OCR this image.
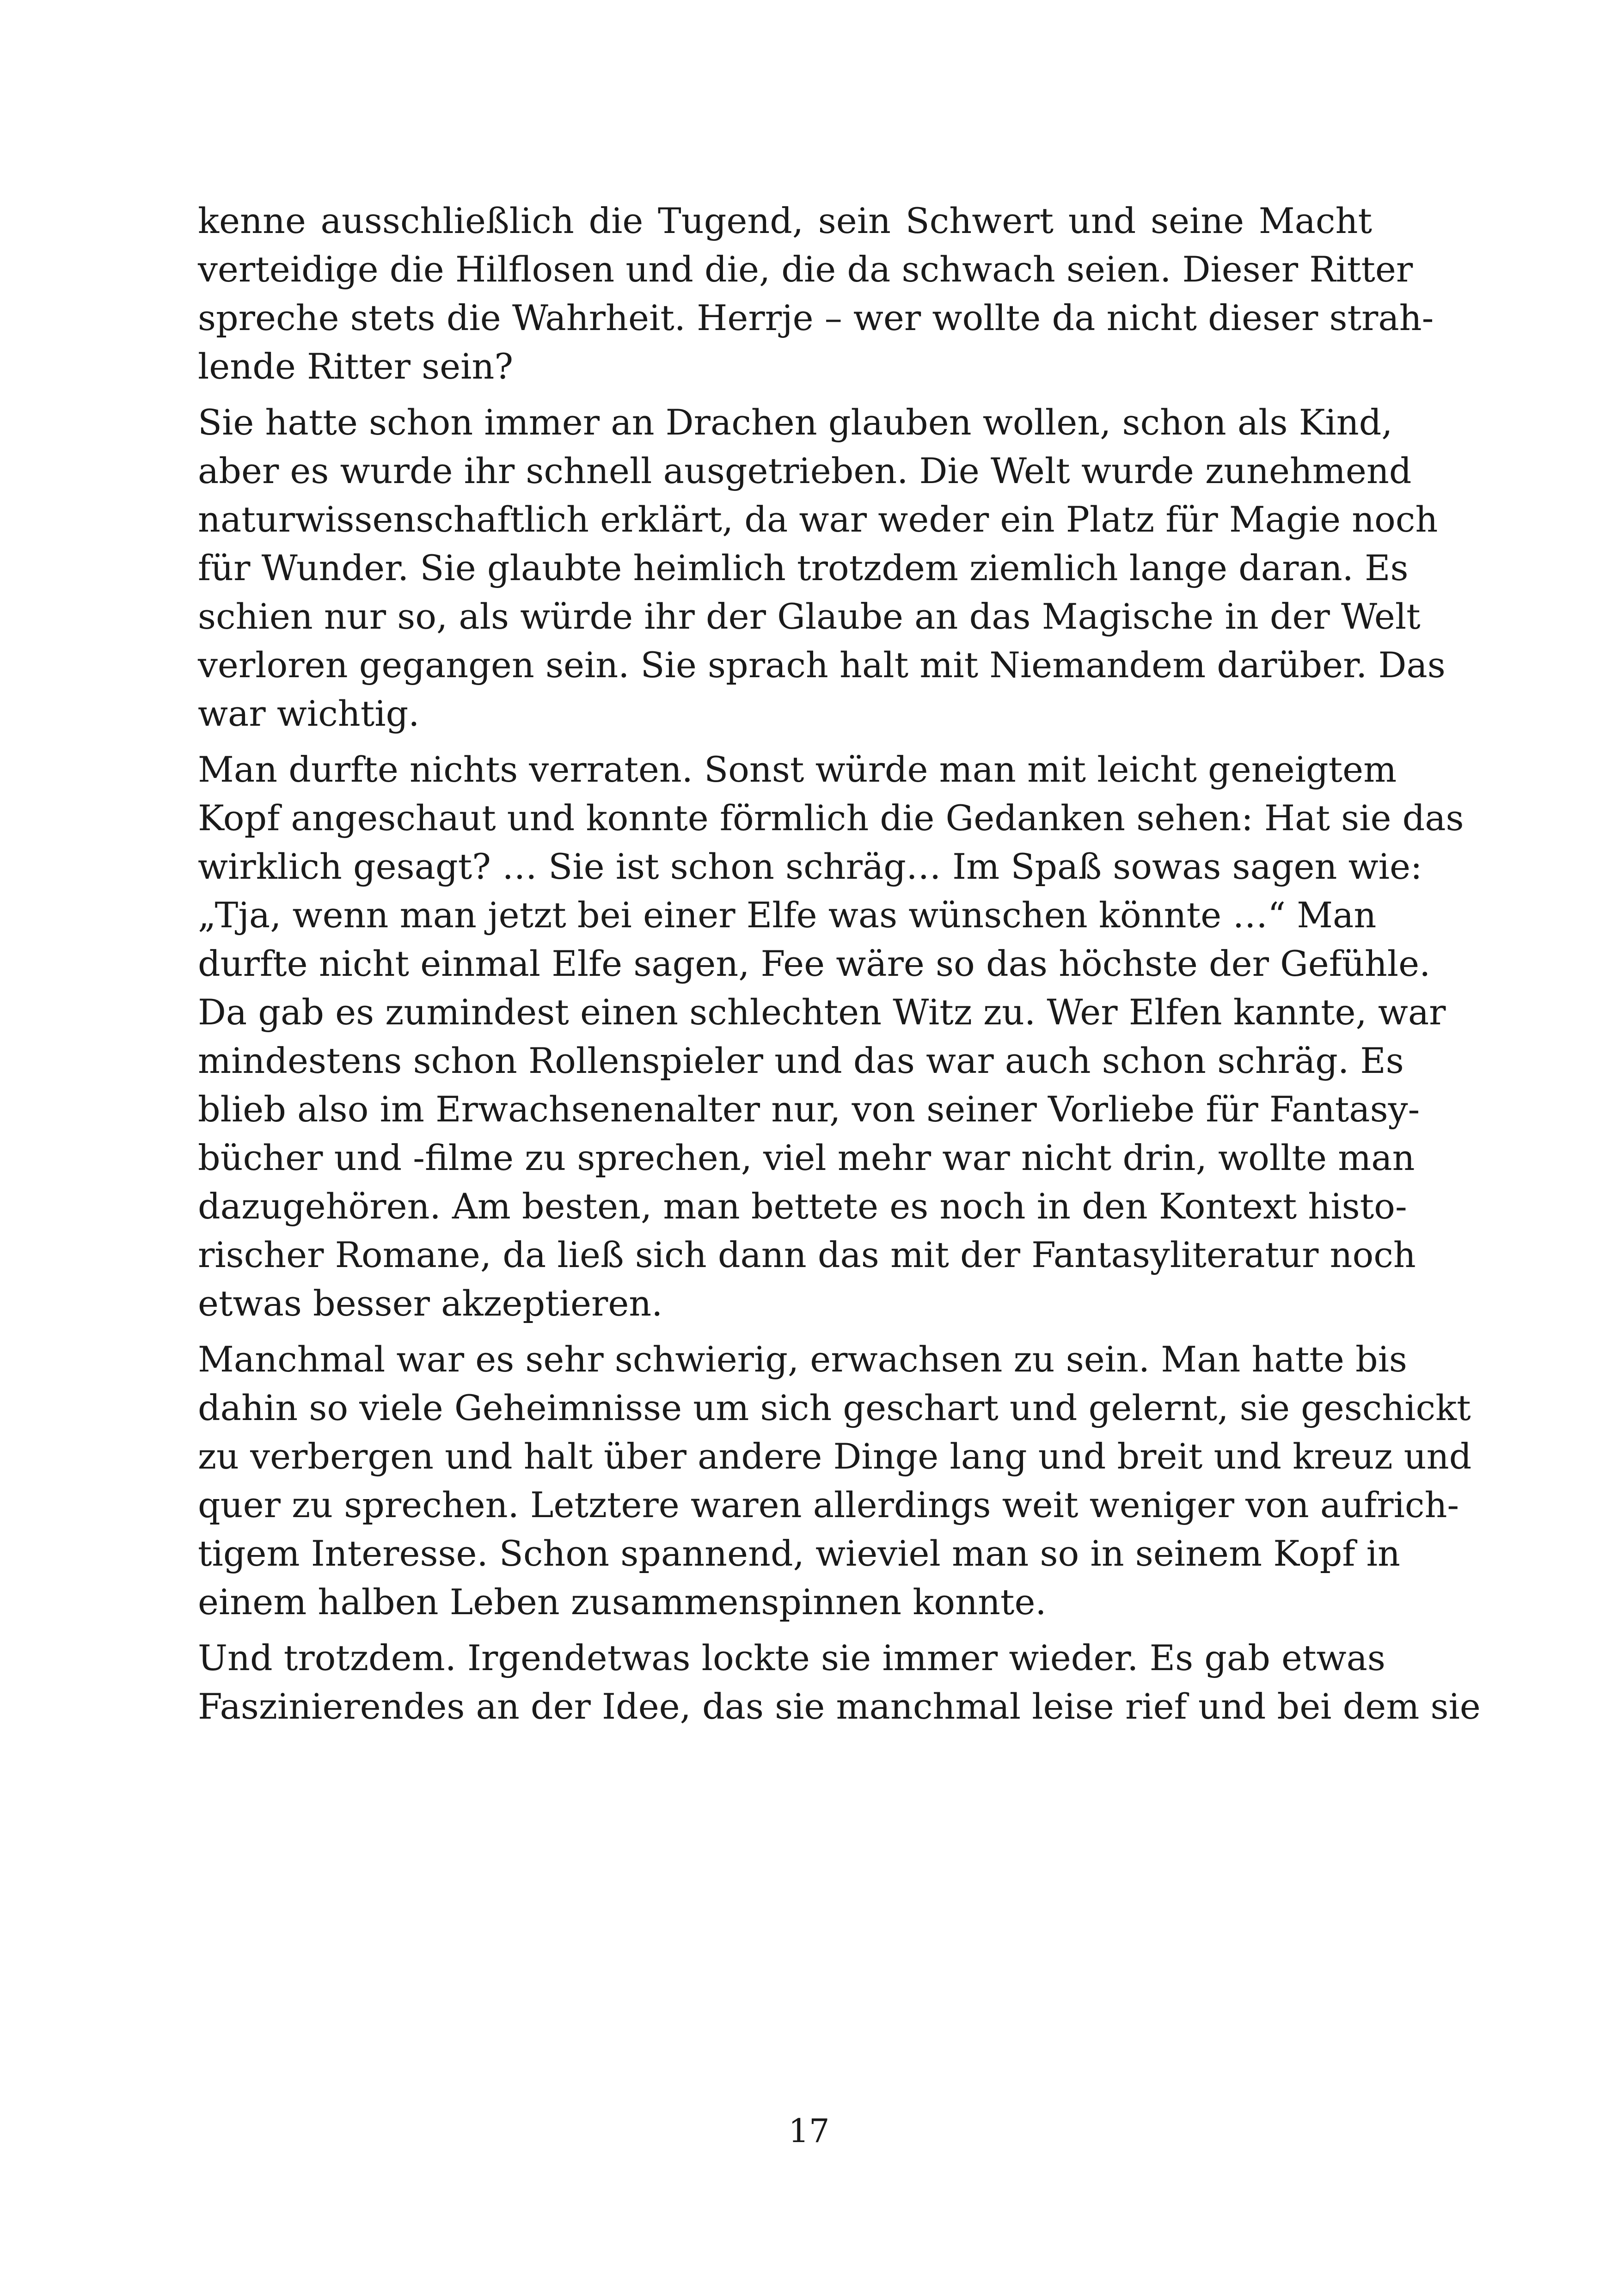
kenne ausschließlich die Tugend, sein Schwert und seine Macht
verteidige die Hilflosen und die, die da schwach seien. Dieser Ritter
spreche stets die Wahrheit. Herrje – wer wollte da nicht dieser strah-
lende Ritter sein?
Sie hatte schon immer an Drachen glauben wollen, schon als Kind,
aber es wurde ihr schnell ausgetrieben. Die Welt wurde zunehmend
naturwissenschaftlich erklärt, da war weder ein Platz für Magie noch
für Wunder. Sie glaubte heimlich trotzdem ziemlich lange daran. Es
schien nur so, als würde ihr der Glaube an das Magische in der Welt
verloren gegangen sein. Sie sprach halt mit Niemandem darüber. Das
war wichtig.
Man durfte nichts verraten. Sonst würde man mit leicht geneigtem
Kopf angeschaut und konnte förmlich die Gedanken sehen: Hat sie das
wirklich gesagt? … Sie ist schon schräg… Im Spaß sowas sagen wie:
„Tja, wenn man jetzt bei einer Elfe was wünschen könnte …“ Man
durfte nicht einmal Elfe sagen, Fee wäre so das höchste der Gefühle.
Da gab es zumindest einen schlechten Witz zu. Wer Elfen kannte, war
mindestens schon Rollenspieler und das war auch schon schräg. Es
blieb also im Erwachsenenalter nur, von seiner Vorliebe für Fantasy-
bücher und -filme zu sprechen, viel mehr war nicht drin, wollte man
dazugehören. Am besten, man bettete es noch in den Kontext histo-
rischer Romane, da ließ sich dann das mit der Fantasyliteratur noch
etwas besser akzeptieren.
Manchmal war es sehr schwierig, erwachsen zu sein. Man hatte bis
dahin so viele Geheimnisse um sich geschart und gelernt, sie geschickt
zu verbergen und halt über andere Dinge lang und breit und kreuz und
quer zu sprechen. Letztere waren allerdings weit weniger von aufrich-
tigem Interesse. Schon spannend, wieviel man so in seinem Kopf in
einem halben Leben zusammenspinnen konnte.
Und trotzdem. Irgendetwas lockte sie immer wieder. Es gab etwas
Faszinierendes an der Idee, das sie manchmal leise rief und bei dem sie
17
